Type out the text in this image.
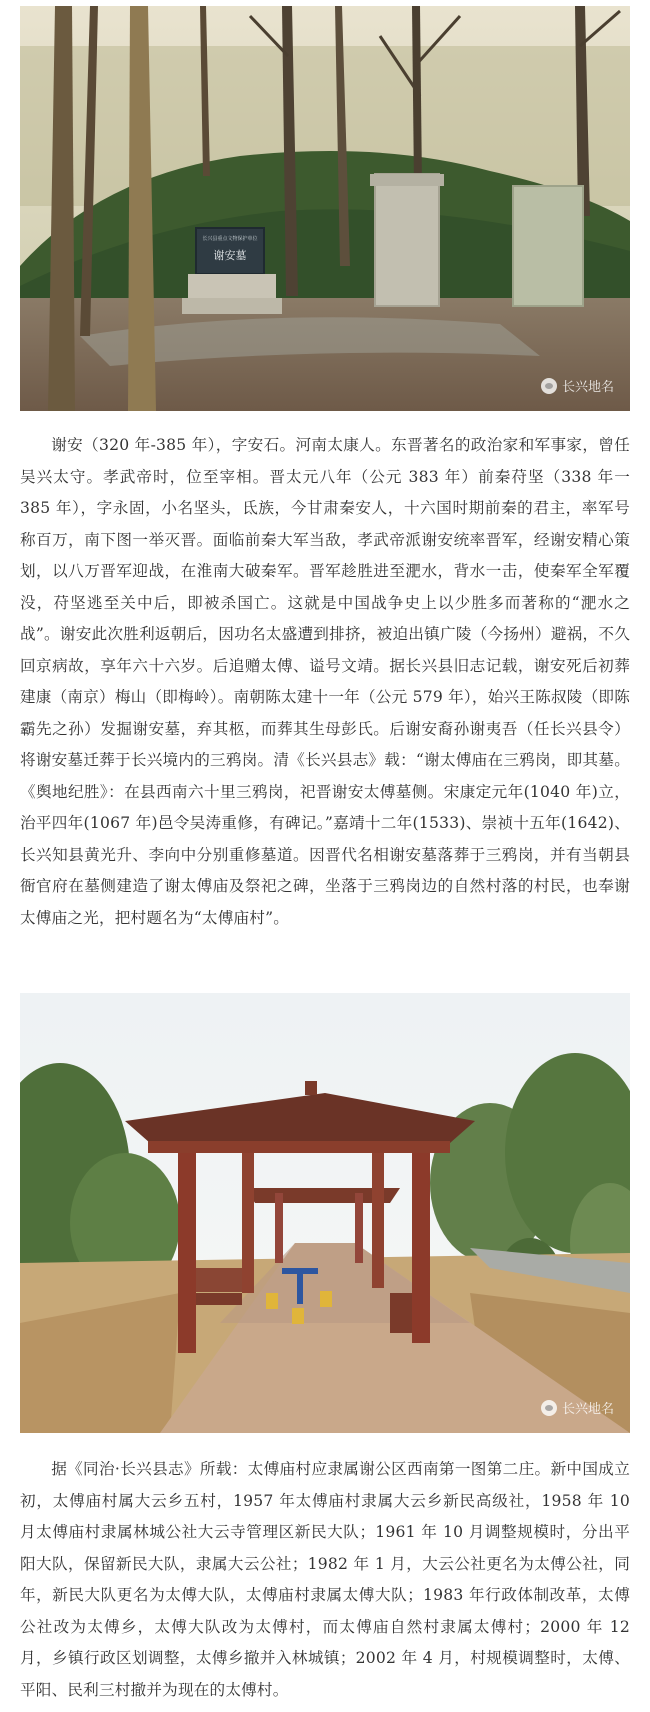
长兴县重点文物保护单位
谢安墓
长兴地名

谢安（320 年-385 年），字安石。河南太康人。东晋著名的政治家和军事家，曾任吴兴太守。孝武帝时，位至宰相。晋太元八年（公元 383 年）前秦苻坚（338 年一385 年），字永固，小名坚头，氐族，今甘肃秦安人，十六国时期前秦的君主，率军号称百万，南下图一举灭晋。面临前秦大军当敌，孝武帝派谢安统率晋军，经谢安精心策划，以八万晋军迎战，在淮南大破秦军。晋军趁胜进至淝水，背水一击，使秦军全军覆没，苻坚逃至关中后，即被杀国亡。这就是中国战争史上以少胜多而著称的“淝水之战”。谢安此次胜利返朝后，因功名太盛遭到排挤，被迫出镇广陵（今扬州）避祸，不久回京病故，享年六十六岁。后追赠太傅、谥号文靖。据长兴县旧志记载，谢安死后初葬建康（南京）梅山（即梅岭）。南朝陈太建十一年（公元 579 年），始兴王陈叔陵（即陈霸先之孙）发掘谢安墓，弃其柩，而葬其生母彭氏。后谢安裔孙谢夷吾（任长兴县令）将谢安墓迁葬于长兴境内的三鸦岗。清《长兴县志》载：“谢太傅庙在三鸦岗，即其墓。《舆地纪胜》：在县西南六十里三鸦岗，祀晋谢安太傅墓侧。宋康定元年(1040 年)立，治平四年(1067 年)邑令吴涛重修，有碑记。”嘉靖十二年(1533)、崇祯十五年(1642)、长兴知县黄光升、李向中分别重修墓道。因晋代名相谢安墓落葬于三鸦岗，并有当朝县衙官府在墓侧建造了谢太傅庙及祭祀之碑，坐落于三鸦岗边的自然村落的村民，也奉谢太傅庙之光，把村题名为“太傅庙村”。

长兴地名

据《同治·长兴县志》所载：太傅庙村应隶属谢公区西南第一图第二庄。新中国成立初，太傅庙村属大云乡五村，1957 年太傅庙村隶属大云乡新民高级社，1958 年 10 月太傅庙村隶属林城公社大云寺管理区新民大队；1961 年 10 月调整规模时，分出平阳大队，保留新民大队，隶属大云公社；1982 年 1 月，大云公社更名为太傅公社，同年，新民大队更名为太傅大队，太傅庙村隶属太傅大队；1983 年行政体制改革，太傅公社改为太傅乡，太傅大队改为太傅村，而太傅庙自然村隶属太傅村；2000 年 12 月，乡镇行政区划调整，太傅乡撤并入林城镇；2002 年 4 月，村规模调整时，太傅、平阳、民利三村撤并为现在的太傅村。
